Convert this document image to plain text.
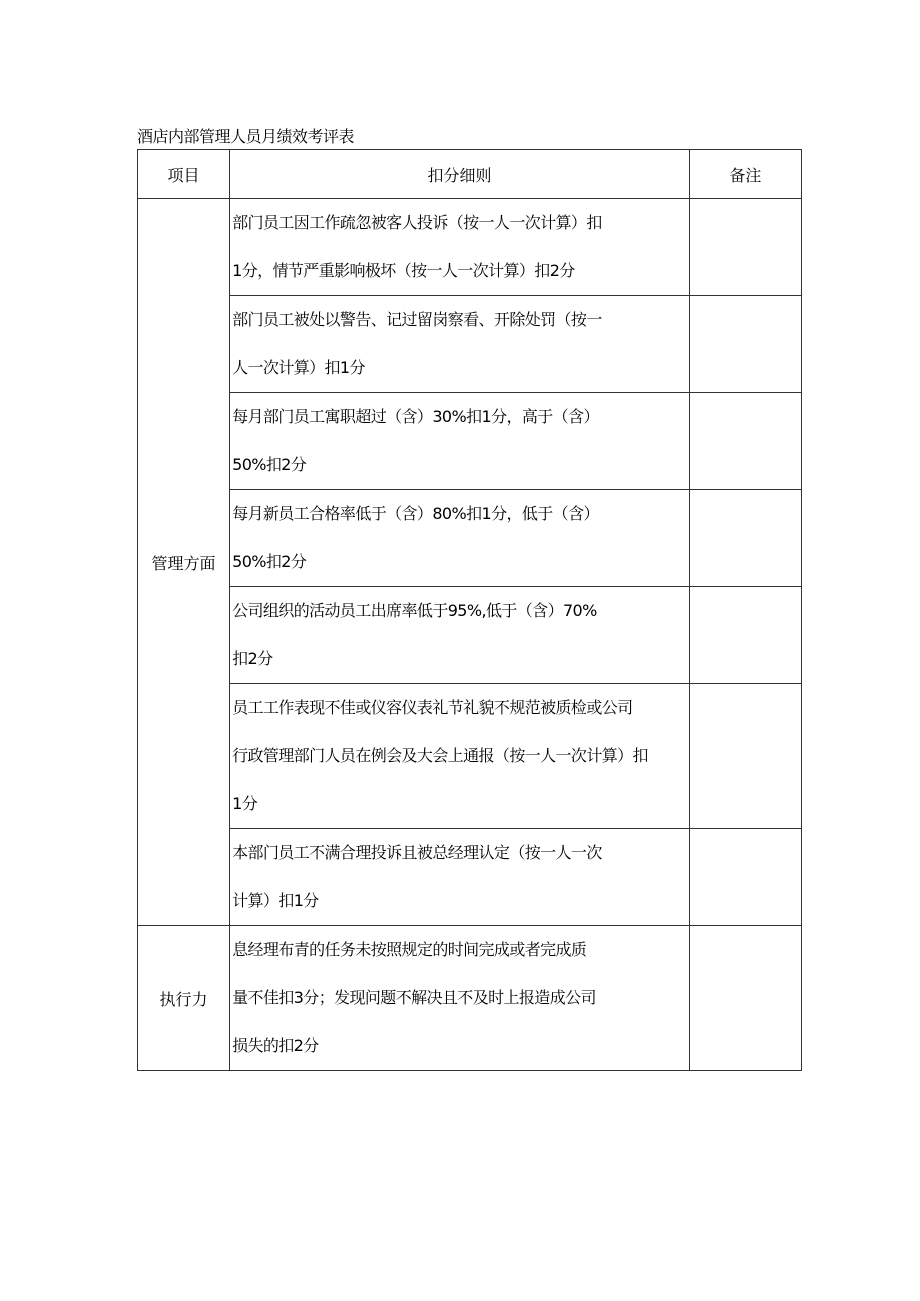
酒店内部管理人员月绩效考评表
项目	扣分细则	备注
管理方面	部门员工因工作疏忽被客人投诉（按一人一次计算）扣
1分，情节严重影响极坏（按一人一次计算）扣2分	

	部门员工被处以警告、记过留岗察看、开除处罚（按一
人一次计算）扣1分	

	每月部门员工寓职超过（含）30%扣1分，高于（含）
50%扣2分	

	每月新员工合格率低于（含）80%扣1分，低于（含）
50%扣2分	

	公司组织的活动员工出席率低于95%,低于（含）70%
扣2分	

	员工工作表现不佳或仪容仪表礼节礼貌不规范被质检或公司
行政管理部门人员在例会及大会上通报（按一人一次计算）扣
1分	

	本部门员工不满合理投诉且被总经理认定（按一人一次
计算）扣1分	

执行力	息经理布青的任务未按照规定的时间完成或者完成质
量不佳扣3分；发现问题不解决且不及时上报造成公司
损失的扣2分	
